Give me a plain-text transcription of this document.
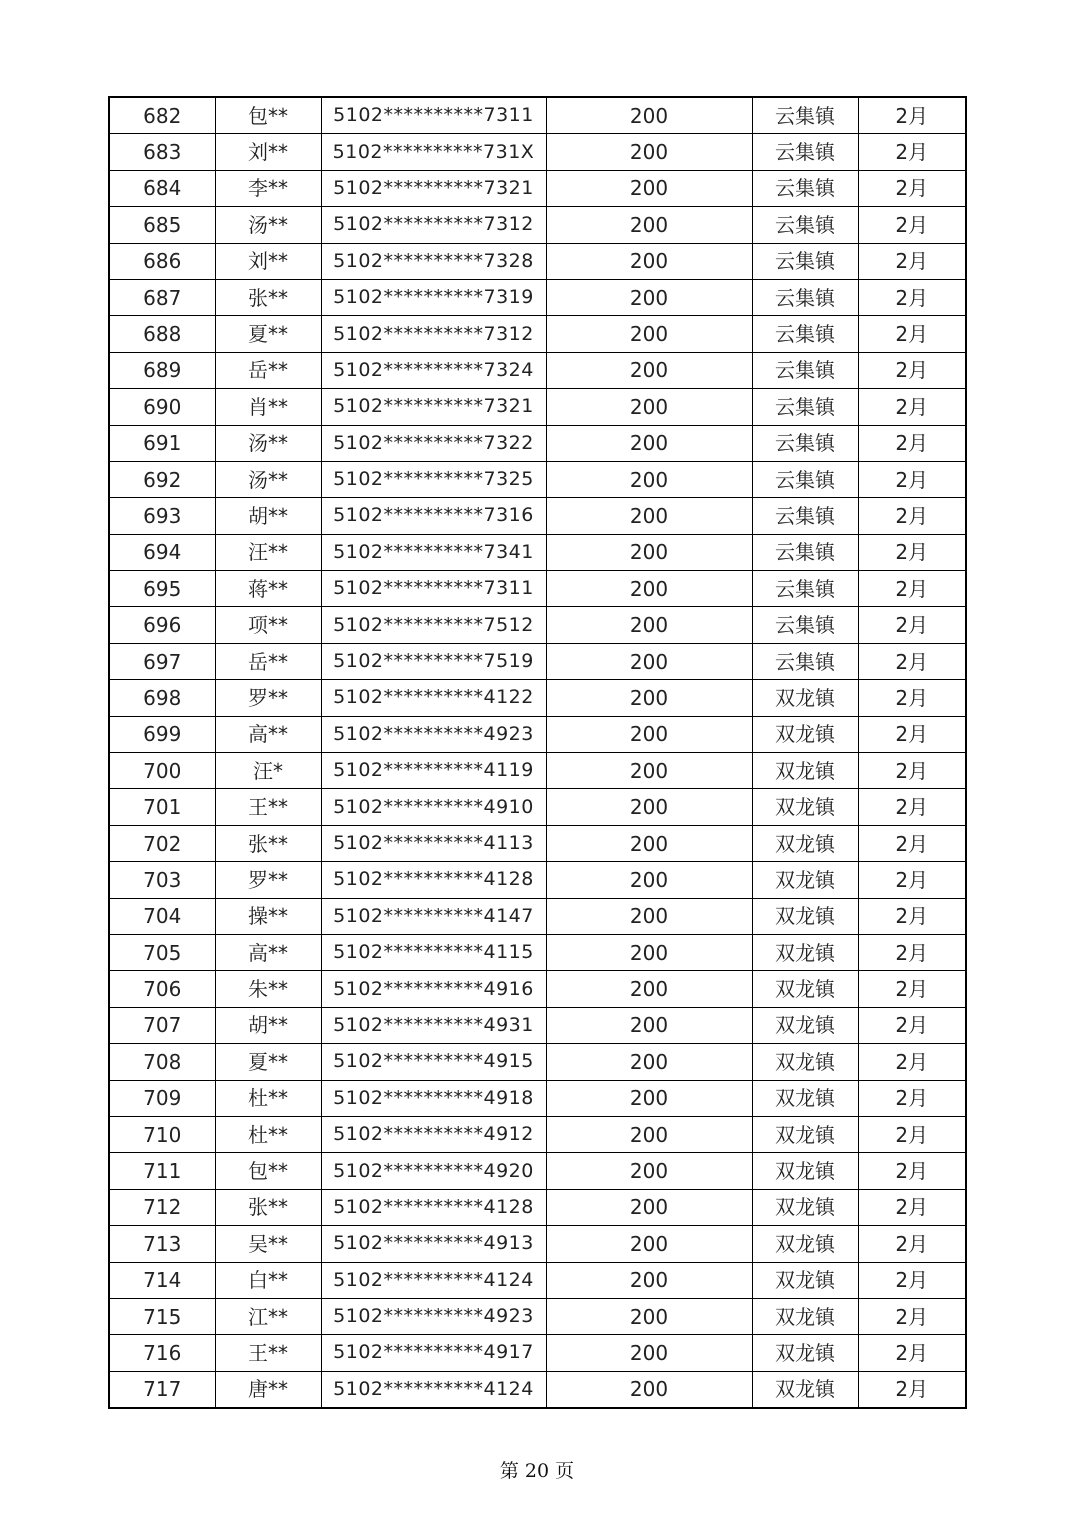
682	包**	5102**********7311	200	云集镇	2月
683	刘**	5102**********731X	200	云集镇	2月
684	李**	5102**********7321	200	云集镇	2月
685	汤**	5102**********7312	200	云集镇	2月
686	刘**	5102**********7328	200	云集镇	2月
687	张**	5102**********7319	200	云集镇	2月
688	夏**	5102**********7312	200	云集镇	2月
689	岳**	5102**********7324	200	云集镇	2月
690	肖**	5102**********7321	200	云集镇	2月
691	汤**	5102**********7322	200	云集镇	2月
692	汤**	5102**********7325	200	云集镇	2月
693	胡**	5102**********7316	200	云集镇	2月
694	汪**	5102**********7341	200	云集镇	2月
695	蒋**	5102**********7311	200	云集镇	2月
696	项**	5102**********7512	200	云集镇	2月
697	岳**	5102**********7519	200	云集镇	2月
698	罗**	5102**********4122	200	双龙镇	2月
699	高**	5102**********4923	200	双龙镇	2月
700	汪*	5102**********4119	200	双龙镇	2月
701	王**	5102**********4910	200	双龙镇	2月
702	张**	5102**********4113	200	双龙镇	2月
703	罗**	5102**********4128	200	双龙镇	2月
704	操**	5102**********4147	200	双龙镇	2月
705	高**	5102**********4115	200	双龙镇	2月
706	朱**	5102**********4916	200	双龙镇	2月
707	胡**	5102**********4931	200	双龙镇	2月
708	夏**	5102**********4915	200	双龙镇	2月
709	杜**	5102**********4918	200	双龙镇	2月
710	杜**	5102**********4912	200	双龙镇	2月
711	包**	5102**********4920	200	双龙镇	2月
712	张**	5102**********4128	200	双龙镇	2月
713	吴**	5102**********4913	200	双龙镇	2月
714	白**	5102**********4124	200	双龙镇	2月
715	江**	5102**********4923	200	双龙镇	2月
716	王**	5102**********4917	200	双龙镇	2月
717	唐**	5102**********4124	200	双龙镇	2月
第 20 页
